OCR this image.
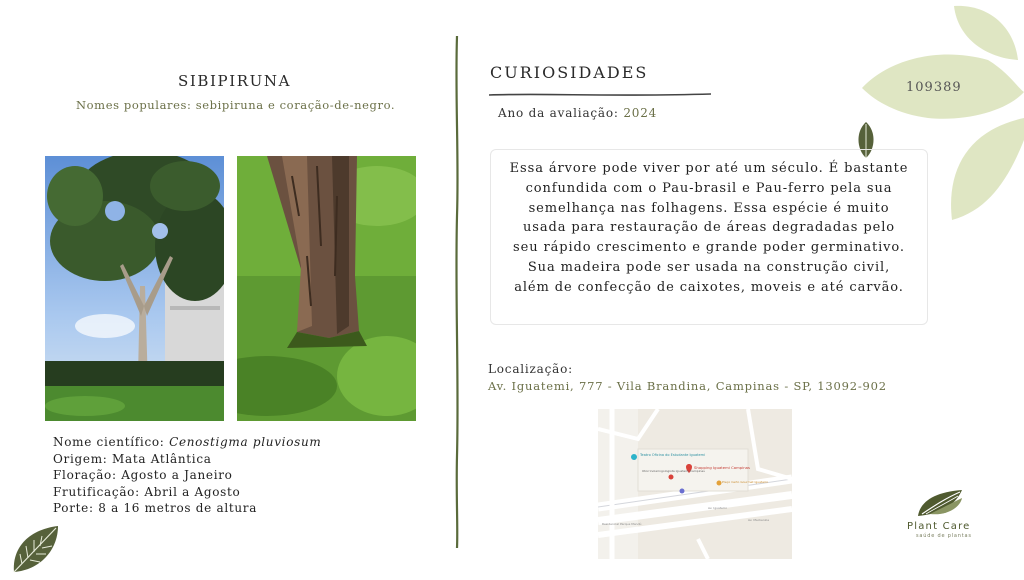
SIBIPIRUNA
Nomes populares: sebipiruna e coração-de-negro.
Nome científico: Cenostigma pluviosum
Origem: Mata Atlântica
Floração: Agosto a Janeiro
Frutificação: Abril a Agosto
Porte: 8 a 16 metros de altura
CURIOSIDADES
Ano da avaliação: 2024
Essa árvore pode viver por até um século. É bastante confundida com o Pau-brasil e Pau-ferro pela sua semelhança nas folhagens. Essa espécie é muito usada para restauração de áreas degradadas pelo seu rápido crescimento e grande poder germinativo. Sua madeira pode ser usada na construção civil, além de confecção de caixotes, moveis e até carvão.
Localização:
Av. Iguatemi, 777 - Vila Brandina, Campinas - SP, 13092-902
Teatro Oficina do Estudante Iguatemi
Shopping Iguatemi Campinas
Otorrinolaringologista Iguatemi Campinas
Preço Certo Gourmet Iguatemi
Av. Iguatemi
Av. Mackenzie
Residencial Parque Mandú
109389
Plant Care
saúde de plantas
